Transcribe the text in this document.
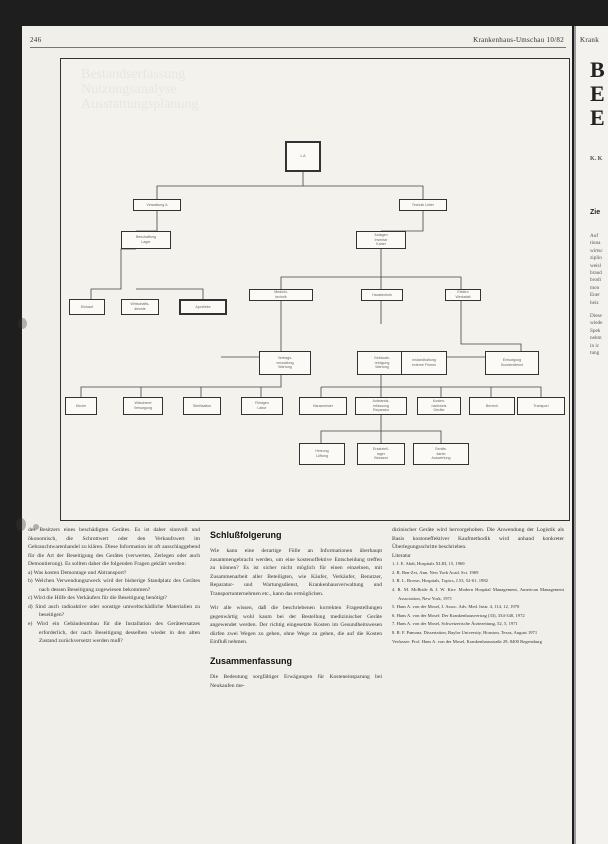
246	Krankenhaus-Umschau 10/82
Bestandserfassung
Nutzungsanalyse
Ausstattungsplanung
L A
Verwaltung A	Technik Leiter
Beschaffung
Lager
Anlagen
Inventar
Kartei
Einkauf
Wirtschafts-
dienste
Apotheke
Medizin-
technik
Haustechnik
Elektro
Werkstatt
Vertrags-
verwaltung
Wartung
Gebäude-
reinigung
Wartung
Instandhaltung
externe Firmen
Entsorgung
Kundendienst
Küche
Wäscherei
Versorgung
Sterilisation
Röntgen
Labor
Hausmeister
Aufwands-
erfassung
Reparatur
Kosten-
nachweis
Geräte
Bereich	Transport
Heizung
Lüftung
Ersatzteil-
lager
Bestand
Geräte-
kartei
Auswertung

des Besitzers eines beschädigten Gerätes. Es ist daher sinnvoll und ökonomisch, die Schrottwert oder den Verkaufswert im Gebrauchtwarenhandel zu klären. Diese Information ist oft ausschlaggebend für die Art der Beseitigung des Gerätes (verwerten, Zerlegen oder auch Demontierung). Es sollten daher die folgenden Fragen geklärt werden:

a) Was kosten Demontage und Abtransport?

b) Welchen Verwendungszweck wird der bisherige Standplatz des Gerätes nach dessen Beseitigung zugewiesen bekommen?

c) Wird die Hilfe des Verkäufers für die Beseitigung benötigt?

d) Sind auch radioaktive oder sonstige umweltschädliche Materialien zu beseitigen?

e) Wird ein Gebäudeumbau für die Installation des Geräteersatzes erforderlich, der nach Beseitigung desselben wieder in den alten Zustand zurückversetzt werden muß?

Schlußfolgerung

Wie kann eine derartige Fülle an Informationen überhaupt zusammengebracht werden, um eine kostenoffektive Entscheidung treffen zu können? Es ist sicher nicht möglich für einen einzelnen, mit Zusammenarbeit aller Beteiligten, wie Käufer, Verkäufer, Benutzer, Reparatur- und Wartungsdienst, Krankenhausverwaltung und Transportunternehmen etc., kann das ermöglichen.

Wir alle wissen, daß die beschriebenen korrekten Fragestellungen gegenwärtig wohl kaum bei der Bestellung medizinischer Geräte angewendet werden. Der richtig eingesetzte Kosten im Gesundheitswesen dürfen zwei Wegen zu gehen, ohne Wege zu gehen, die auf die Kosten Einfluß nehmen.

Zusammenfassung

Die Bedeutung sorgfältiger Erwägungen für Kosteneinsparung bei Neukaufen me-

dizinischer Geräte wird hervorgehoben. Die Anwendung der Logistik als Basis kostoneffektiver Kaufmethodik wird anhand konkreter Überlegungsschritte beschrieben.

Literatur

1. J. E. Abdt, Hospitals XLIII, 15, 1969

2. R. Ben-Zvi, Ann. New York Acad. Sci. 1969

3. R. L. Brown, Hospitals, Topics, J.53, 52-61, 1982

4. R. M. McBride & J. W. Kirr: Modern Hospital Management, American Management Association, New York, 1971

5. Hans A. von der Mosel, J. Assoc. Adv. Med. Instr. 4, 114, 12, 1970

6. Hans A. von der Mosel: Der Krankenhausvertrag (33), 334-340, 1972

7. Hans A. von der Mosel, Schweizerische Ärztezeitung, 52, 5, 1971

8. R. F. Pamona, Dissertation, Baylor University, Houston, Texas, August 1971

Verfasser: Prof. Hans A. von der Mosel, Krankenhausstraße 29, 8400 Regensburg

Krank
B
E
E
K. K
Zie
Auf
tiona
wirtsc
ziplin
weisl
braud
brodi
mon
Ener
heiz
Diese
wiede
Spek
nehm
in ic
tung
